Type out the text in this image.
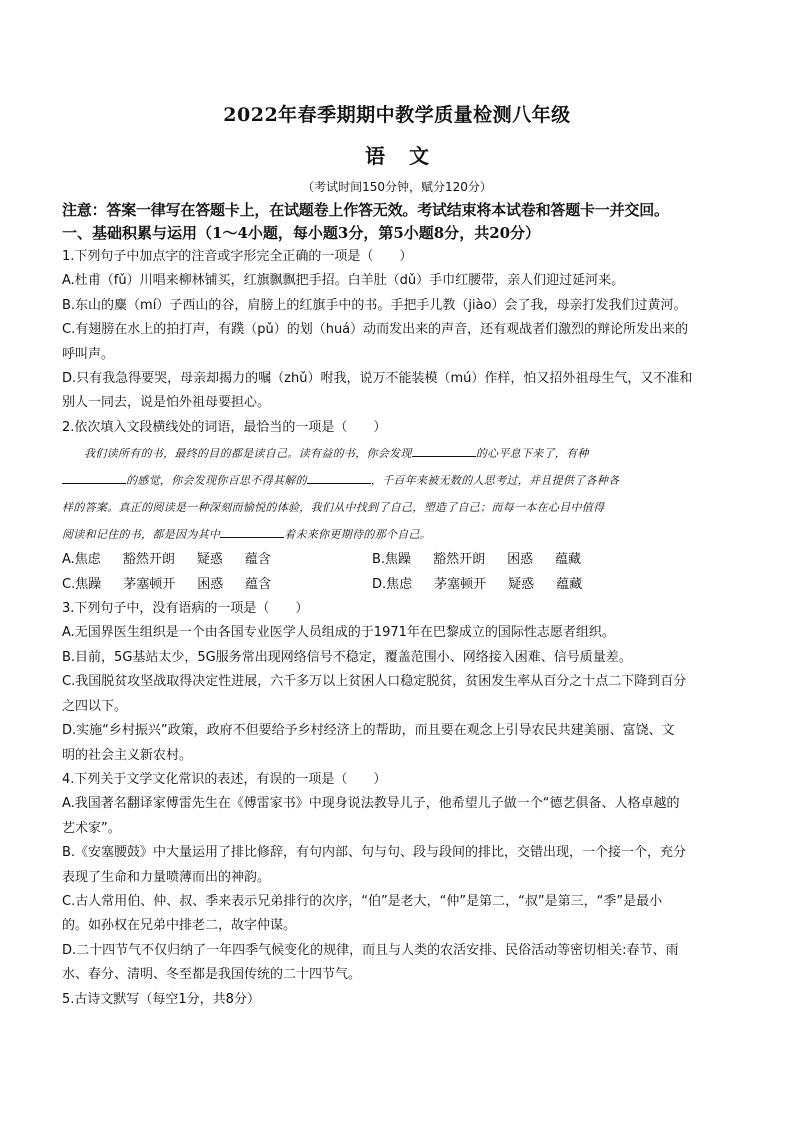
2022年春季期期中教学质量检测八年级
语文
（考试时间150分钟，赋分120分）
注意：答案一律写在答题卡上，在试题卷上作答无效。考试结束将本试卷和答题卡一并交回。
一、基础积累与运用（1～4小题，每小题3分，第5小题8分，共20分）

1.下列句子中加点字的注音或字形完全正确的一项是（　　）

A.杜甫（fǔ）川唱来柳林铺买，红旗飘飘把手招。白羊肚（dǔ）手巾红腰带，亲人们迎过延河来。

B.东山的麋（mí）子西山的谷，肩膀上的红旗手中的书。手把手儿教（jiào）会了我，母亲打发我们过黄河。

C.有翅膀在水上的拍打声，有蹼（pǔ）的划（huá）动而发出来的声音，还有观战者们激烈的辩论所发出来的

呼叫声。

D.只有我急得要哭，母亲却揭力的嘱（zhǔ）咐我，说万不能装模（mú）作样，怕又招外祖母生气，又不准和

别人一同去，说是怕外祖母要担心。

2.依次填入文段横线处的词语，最恰当的一项是（　　）

我们读所有的书，最终的目的都是读自己。读有益的书，你会发现	的心平息下来了，有种
的感觉，你会发现你百思不得其解的	，千百年来被无数的人思考过，并且提供了各种各
样的答案。真正的阅读是一种深刻而愉悦的体验，我们从中找到了自己，塑造了自己；而每一本在心目中值得
阅读和记住的书，都是因为其中	着未来你更期待的那个自己。
A.焦虑 豁然开朗 疑惑 蕴含	B.焦躁 豁然开朗 困惑 蕴藏
C.焦躁 茅塞顿开 困惑 蕴含	D.焦虑 茅塞顿开 疑惑 蕴藏

3.下列句子中，没有语病的一项是（　　）

A.无国界医生组织是一个由各国专业医学人员组成的于1971年在巴黎成立的国际性志愿者组织。

B.目前，5G基站太少，5G服务常出现网络信号不稳定，覆盖范围小、网络接入困难、信号质量差。

C.我国脱贫攻坚战取得决定性进展，六千多万以上贫困人口稳定脱贫，贫困发生率从百分之十点二下降到百分

之四以下。

D.实施“乡村振兴”政策，政府不但要给予乡村经济上的帮助，而且要在观念上引导农民共建美丽、富饶、文

明的社会主义新农村。

4.下列关于文学文化常识的表述，有误的一项是（　　）

A.我国著名翻译家傅雷先生在《傅雷家书》中现身说法教导儿子，他希望儿子做一个“德艺俱备、人格卓越的

艺术家”。

B.《安塞腰鼓》中大量运用了排比修辞，有句内部、句与句、段与段间的排比，交错出现，一个接一个，充分

表现了生命和力量喷薄而出的神韵。

C.古人常用伯、仲、叔、季来表示兄弟排行的次序，“伯”是老大，“仲”是第二，“叔”是第三，“季”是最小

的。如孙权在兄弟中排老二，故字仲谋。

D.二十四节气不仅归纳了一年四季气候变化的规律，而且与人类的农活安排、民俗活动等密切相关:春节、雨

水、春分、清明、冬至都是我国传统的二十四节气。

5.古诗文默写（每空1分，共8分）
